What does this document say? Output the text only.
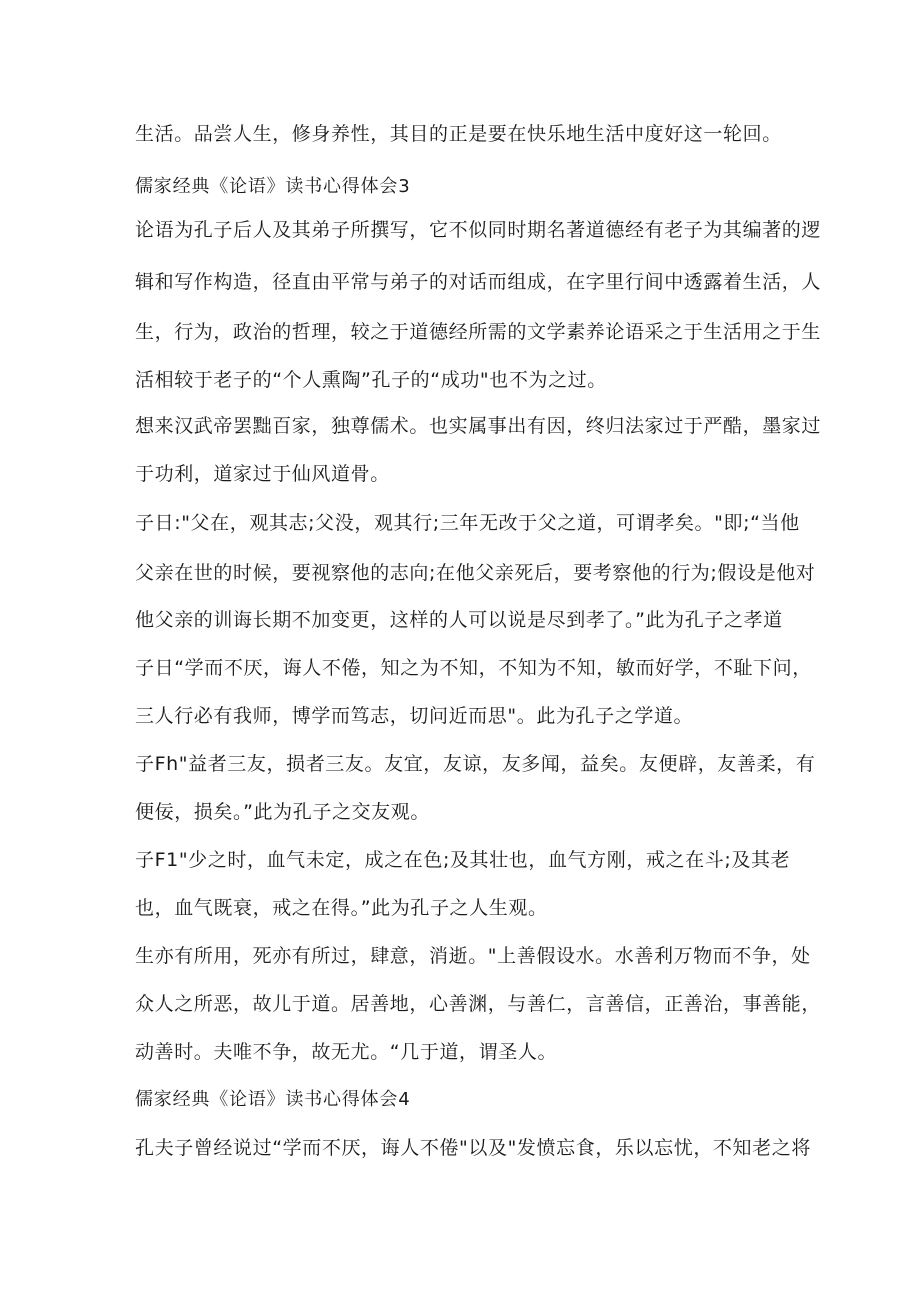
生活。品尝人生，修身养性，其目的正是要在快乐地生活中度好这一轮回。
儒家经典《论语》读书心得体会3
论语为孔子后人及其弟子所撰写，它不似同时期名著道德经有老子为其编著的逻
辑和写作构造，径直由平常与弟子的对话而组成，在字里行间中透露着生活，人
生，行为，政治的哲理，较之于道德经所需的文学素养论语采之于生活用之于生
活相较于老子的“个人熏陶”孔子的“成功"也不为之过。
想来汉武帝罢黜百家，独尊儒术。也实属事出有因，终归法家过于严酷，墨家过
于功利，道家过于仙风道骨。
子日:"父在，观其志;父没，观其行;三年无改于父之道，可谓孝矣。"即;“当他
父亲在世的时候，要视察他的志向;在他父亲死后，要考察他的行为;假设是他对
他父亲的训诲长期不加变更，这样的人可以说是尽到孝了。”此为孔子之孝道
子日“学而不厌，诲人不倦，知之为不知，不知为不知，敏而好学，不耻下问，
三人行必有我师，博学而笃志，切问近而思"。此为孔子之学道。
子Fh"益者三友，损者三友。友宜，友谅，友多闻，益矣。友便辟，友善柔，有
便佞，损矣。”此为孔子之交友观。
子F1"少之时，血气未定，成之在色;及其壮也，血气方刚，戒之在斗;及其老
也，血气既衰，戒之在得。”此为孔子之人生观。
生亦有所用，死亦有所过，肆意，消逝。"上善假设水。水善利万物而不争，处
众人之所恶，故儿于道。居善地，心善渊，与善仁，言善信，正善治，事善能，
动善时。夫唯不争，故无尤。“几于道，谓圣人。
儒家经典《论语》读书心得体会4
孔夫子曾经说过“学而不厌，诲人不倦"以及"发愤忘食，乐以忘忧，不知老之将
